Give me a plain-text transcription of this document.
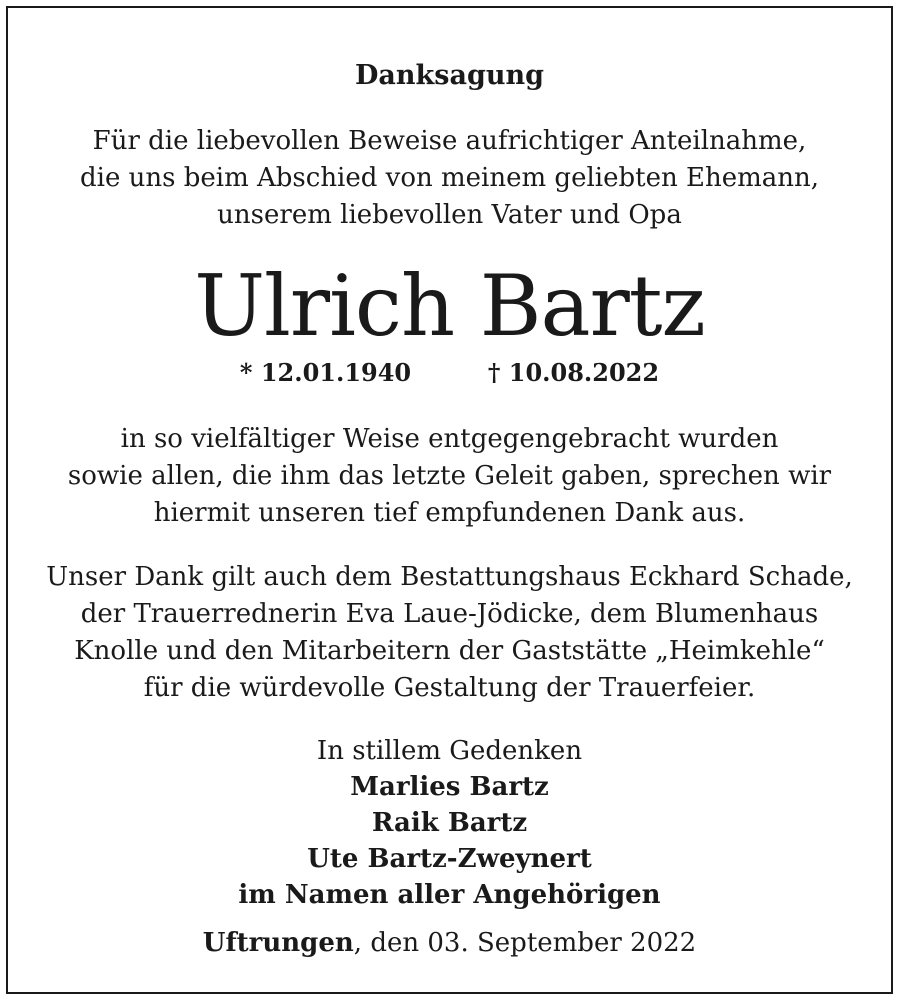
Danksagung
Für die liebevollen Beweise aufrichtiger Anteilnahme,
die uns beim Abschied von meinem geliebten Ehemann,
unserem liebevollen Vater und Opa
Ulrich Bartz
* 12.01.1940	† 10.08.2022
in so vielfältiger Weise entgegengebracht wurden
sowie allen, die ihm das letzte Geleit gaben, sprechen wir
hiermit unseren tief empfundenen Dank aus.
Unser Dank gilt auch dem Bestattungshaus Eckhard Schade,
der Trauerrednerin Eva Laue-Jödicke, dem Blumenhaus
Knolle und den Mitarbeitern der Gaststätte „Heimkehle“
für die würdevolle Gestaltung der Trauerfeier.
In stillem Gedenken
Marlies Bartz
Raik Bartz
Ute Bartz-Zweynert
im Namen aller Angehörigen
Uftrungen, den 03. September 2022
